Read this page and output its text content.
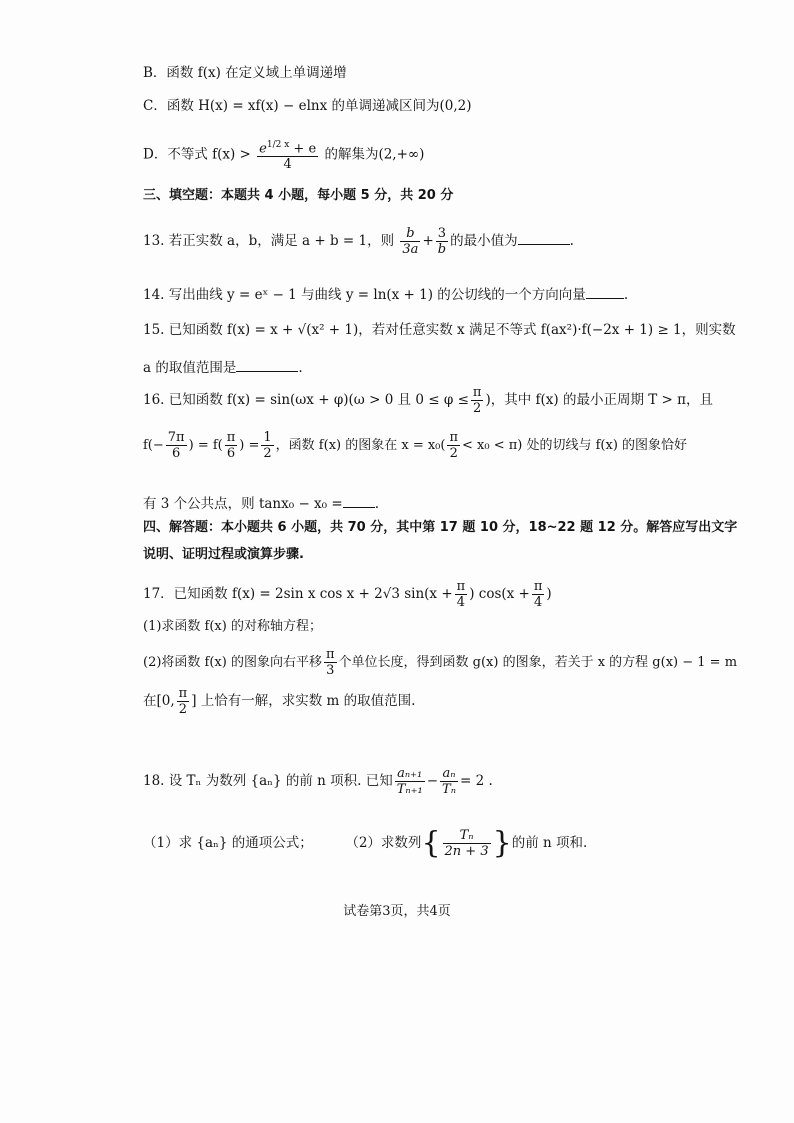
B．函数 f(x) 在定义域上单调递增
C．函数 H(x) = xf(x) − elnx 的单调递减区间为(0,2)
D．不等式 $f(x) > \frac{e^{1/2 x} + e}{4}$ 的解集为(2,+∞)
三、填空题：本题共 4 小题，每小题 5 分，共 20 分
13. 若正实数 a，b，满足 a + b = 1，则 $\frac{b}{3a} + \frac{3}{b}$ 的最小值为	.
14. 写出曲线 y = eˣ − 1 与曲线 y = ln(x + 1) 的公切线的一个方向向量	.
15. 已知函数 f(x) = x + √(x² + 1)，若对任意实数 x 满足不等式 f(ax²)·f(−2x + 1) ≥ 1，则实数
a 的取值范围是	.
16. 已知函数 f(x) = sin(ωx + φ)(ω > 0 且 $0 \le \varphi \le \frac{\pi}{2}$ )，其中 f(x) 的最小正周期 T > π，且
$f(- \frac{7\pi}{6}$ ) = $f( \frac{\pi}{6}$ ) = $\frac{1}{2}$ ，函数 f(x) 的图象在 $x = x_0( \frac{\pi}{2} < x_0 < \pi)$ 处的切线与 f(x) 的图象恰好
有 3 个公共点，则 tanx₀ − x₀ = .
四、解答题：本小题共 6 小题，共 70 分，其中第 17 题 10 分，18~22 题 12 分。解答应写出文字
说明、证明过程或演算步骤.
17．已知函数 f(x) = 2sin x cos x + 2√3 $\sin(x + \frac{\pi}{4}$ ) $\cos(x + \frac{\pi}{4}$ )
(1)求函数 f(x) 的对称轴方程；
(2)将函数 f(x) 的图象向右平移 $\frac{\pi}{3}$ 个单位长度，得到函数 g(x) 的图象，若关于 x 的方程 g(x) − 1 = m
在[0, $\frac{\pi}{2}$ ] 上恰有一解，求实数 m 的取值范围.
18. 设 Tₙ 为数列 {aₙ} 的前 n 项积. 已知 $\frac{\text{aₙ₊₁}}{\text{Tₙ₊₁}} - \frac{\text{aₙ}}{\text{Tₙ}} = 2$ .
（1）求 {aₙ} 的通项公式； （2）求数列{ $\frac{\text{Tₙ}}{2n + 3}$ }的前 n 项和.
试卷第3页，共4页
